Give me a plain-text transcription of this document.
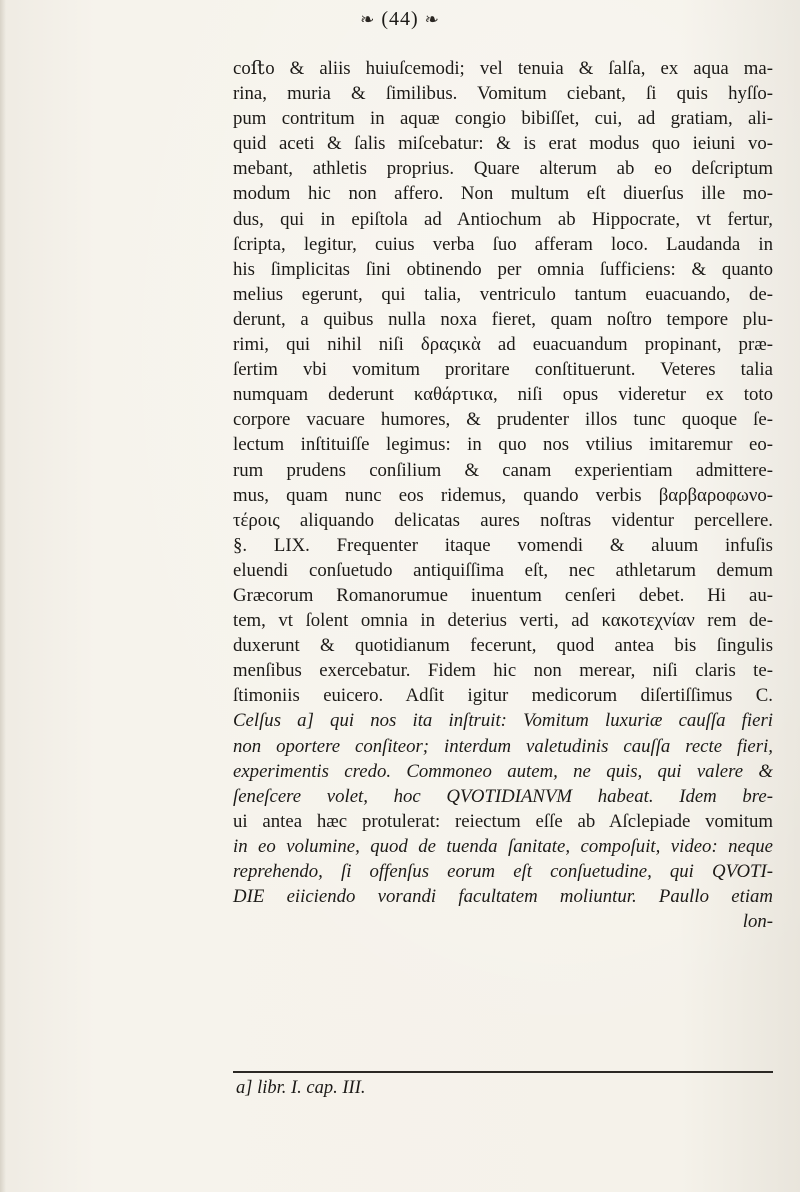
❧ (44) ❧
coﬅo & aliis huiuſcemodi; vel tenuia & ſalſa, ex aqua ma-
rina, muria & ſimilibus. Vomitum ciebant, ſi quis hyſſo-
pum contritum in aquæ congio bibiſſet, cui, ad gratiam, ali-
quid aceti & ſalis miſcebatur: & is erat modus quo ieiuni vo-
mebant, athletis proprius. Quare alterum ab eo deſcriptum
modum hic non affero. Non multum eſt diuerſus ille mo-
dus, qui in epiſtola ad Antiochum ab Hippocrate, vt fertur,
ſcripta, legitur, cuius verba ſuo afferam loco. Laudanda in
his ſimplicitas ſini obtinendo per omnia ſufficiens: & quanto
melius egerunt, qui talia, ventriculo tantum euacuando, de-
derunt, a quibus nulla noxa fieret, quam noſtro tempore plu-
rimi, qui nihil niſi δραςικὰ ad euacuandum propinant, præ-
ſertim vbi vomitum proritare conſtituerunt. Veteres talia
numquam dederunt καθάρτικα, niſi opus videretur ex toto
corpore vacuare humores, & prudenter illos tunc quoque ſe-
lectum inſtituiſſe legimus: in quo nos vtilius imitaremur eo-
rum prudens conſilium & canam experientiam admittere-
mus, quam nunc eos ridemus, quando verbis βαρβαροφωνο-
τέροις aliquando delicatas aures noſtras videntur percellere.
§. LIX. Frequenter itaque vomendi & aluum infuſis
eluendi conſuetudo antiquiſſima eſt, nec athletarum demum
Græcorum Romanorumue inuentum cenſeri debet. Hi au-
tem, vt ſolent omnia in deterius verti, ad κακοτεχνίαν rem de-
duxerunt & quotidianum fecerunt, quod antea bis ſingulis
menſibus exercebatur. Fidem hic non merear, niſi claris te-
ſtimoniis euicero. Adſit igitur medicorum diſertiſſimus C.
Celſus a] qui nos ita inſtruit: Vomitum luxuriæ cauſſa fieri
non oportere conſiteor; interdum valetudinis cauſſa recte fieri,
experimentis credo. Commoneo autem, ne quis, qui valere &
ſeneſcere volet, hoc QVOTIDIANVM habeat. Idem bre-
ui antea hæc protulerat: reiectum eſſe ab Aſclepiade vomitum
in eo volumine, quod de tuenda ſanitate, compoſuit, video: neque
reprehendo, ſi offenſus eorum eſt conſuetudine, qui QVOTI-
DIE eiiciendo vorandi facultatem moliuntur. Paullo etiam
lon-
a] libr. I. cap. III.
